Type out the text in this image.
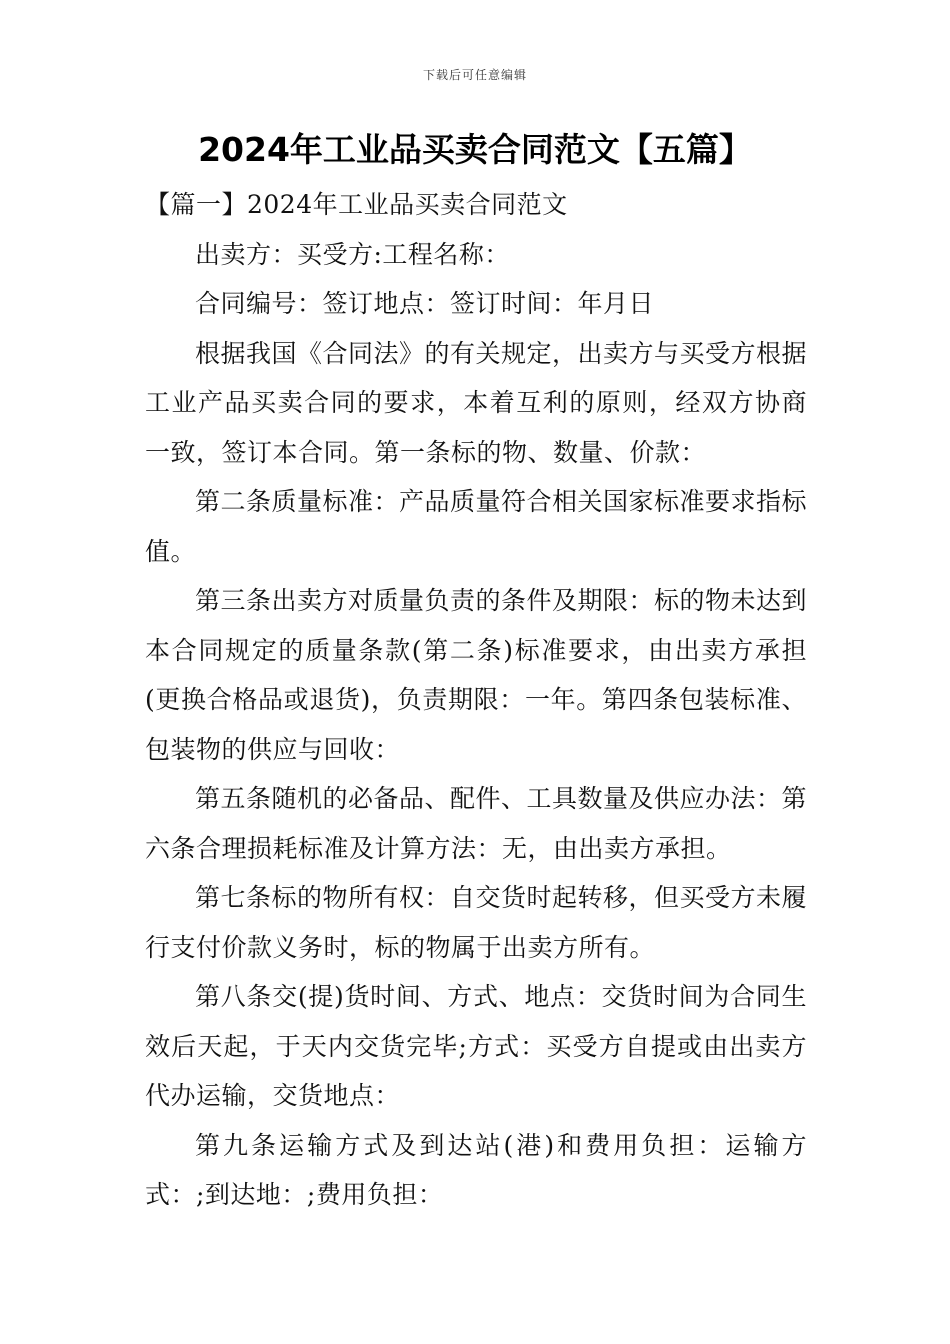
下载后可任意编辑
2024年工业品买卖合同范文【五篇】

【篇一】2024年工业品买卖合同范文

出卖方：买受方:工程名称：

合同编号：签订地点：签订时间：年月日

根据我国《合同法》的有关规定，出卖方与买受方根据工业产品买卖合同的要求，本着互利的原则，经双方协商一致，签订本合同。第一条标的物、数量、价款：

第二条质量标准：产品质量符合相关国家标准要求指标值。

第三条出卖方对质量负责的条件及期限：标的物未达到本合同规定的质量条款(第二条)标准要求，由出卖方承担(更换合格品或退货)，负责期限：一年。第四条包装标准、包装物的供应与回收：

第五条随机的必备品、配件、工具数量及供应办法：第六条合理损耗标准及计算方法：无，由出卖方承担。

第七条标的物所有权：自交货时起转移，但买受方未履行支付价款义务时，标的物属于出卖方所有。

第八条交(提)货时间、方式、地点：交货时间为合同生效后天起，于天内交货完毕;方式：买受方自提或由出卖方代办运输，交货地点：

第九条运输方式及到达站(港)和费用负担：运输方式：;到达地：;费用负担：
